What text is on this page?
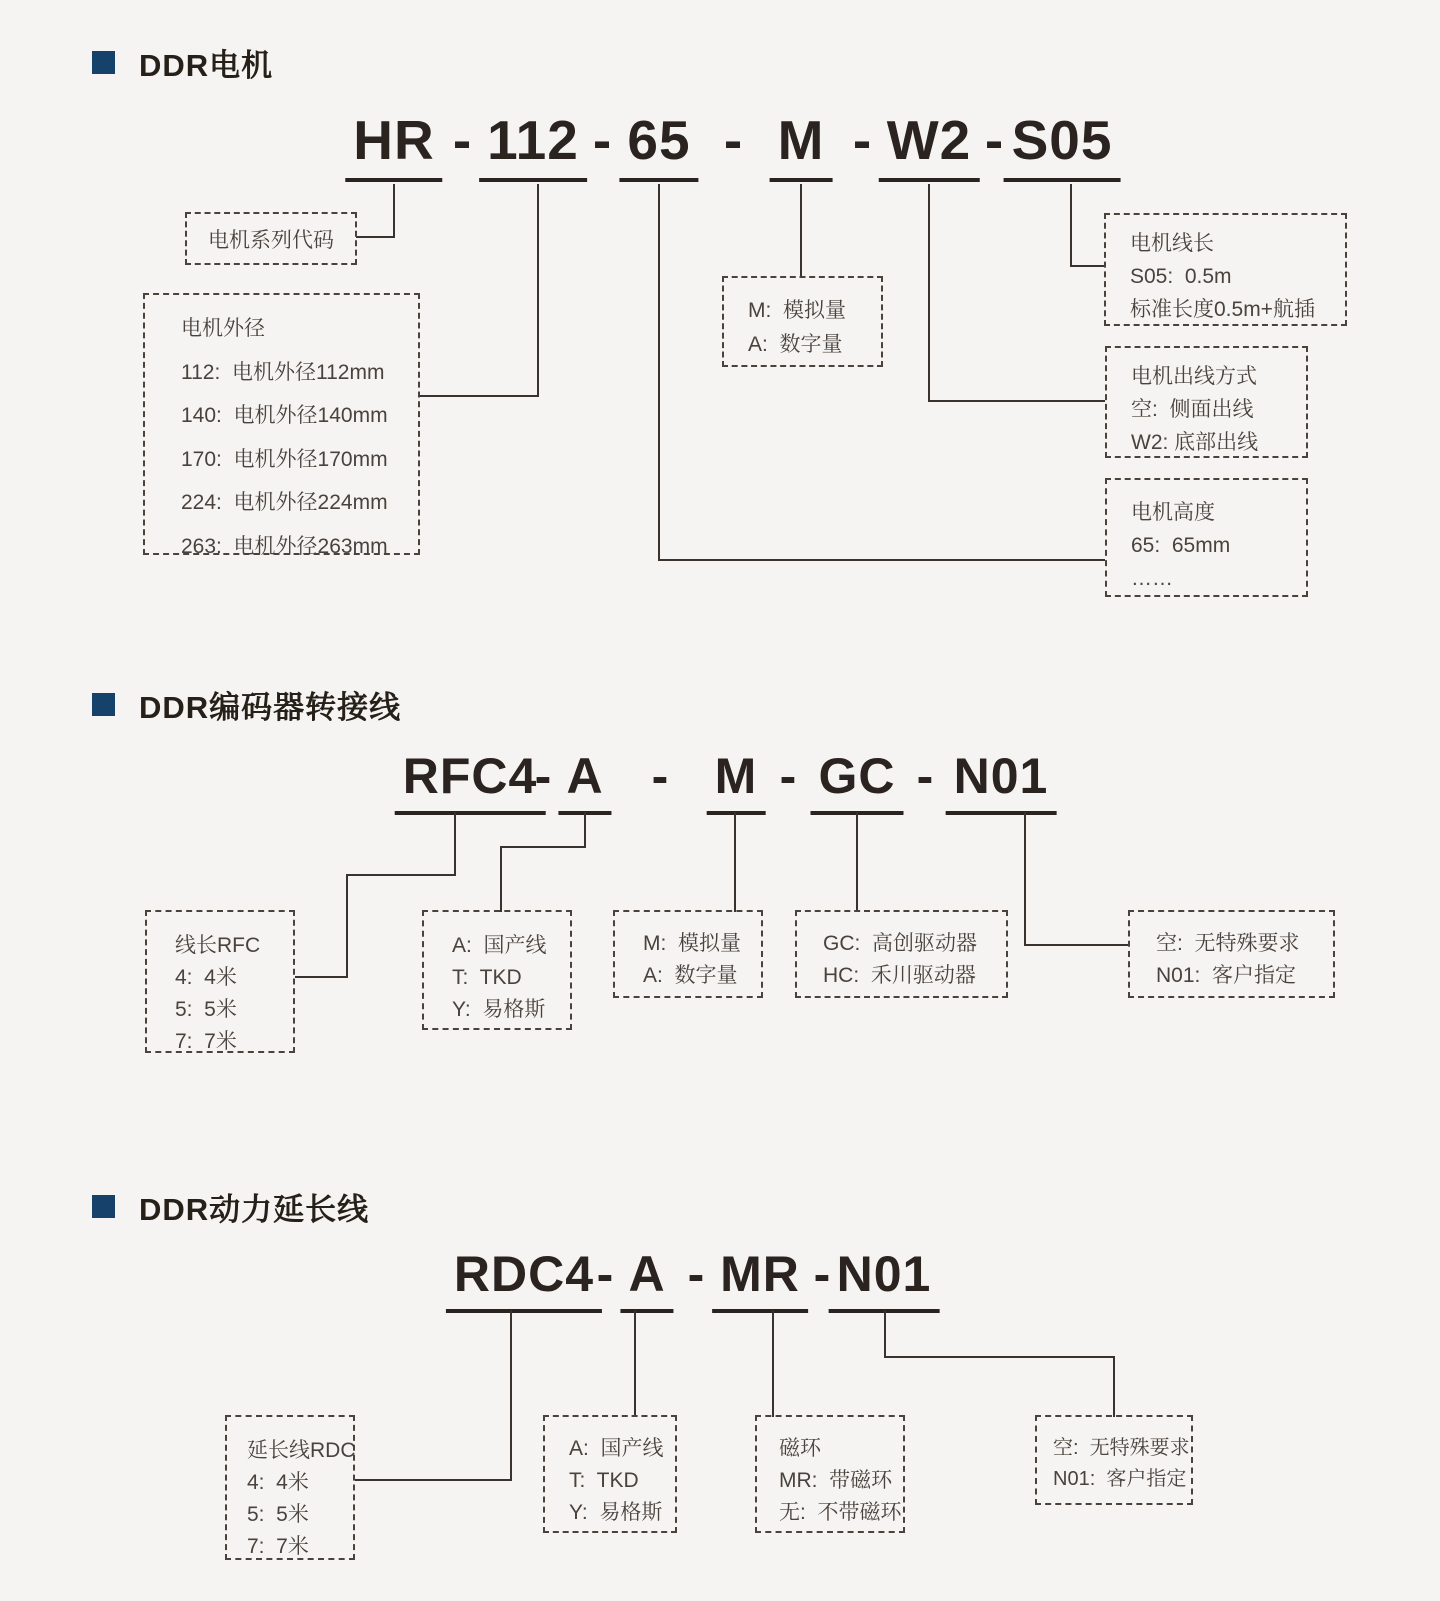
DDR电机
HR - 112 - 65 - M - W2 - S05
电机系列代码
电机外径
112:  电机外径112mm
140:  电机外径140mm
170:  电机外径170mm
224:  电机外径224mm
263:  电机外径263mm
M:  模拟量
A:  数字量
电机线长
S05:  0.5m
标准长度0.5m+航插
电机出线方式
空:  侧面出线
W2: 底部出线
电机高度
65:  65mm
……
DDR编码器转接线
RFC4
- A - M - GC - N01
线长RFC
4:  4米
5:  5米
7:  7米
A:  国产线
T:  TKD
Y:  易格斯
M:  模拟量
A:  数字量
GC:  高创驱动器
HC:  禾川驱动器
空:  无特殊要求
N01:  客户指定
DDR动力延长线
RDC4 - A - MR - N01
延长线RDC
4:  4米
5:  5米
7:  7米
A:  国产线
T:  TKD
Y:  易格斯
磁环
MR:  带磁环
无:  不带磁环
空:  无特殊要求
N01:  客户指定
